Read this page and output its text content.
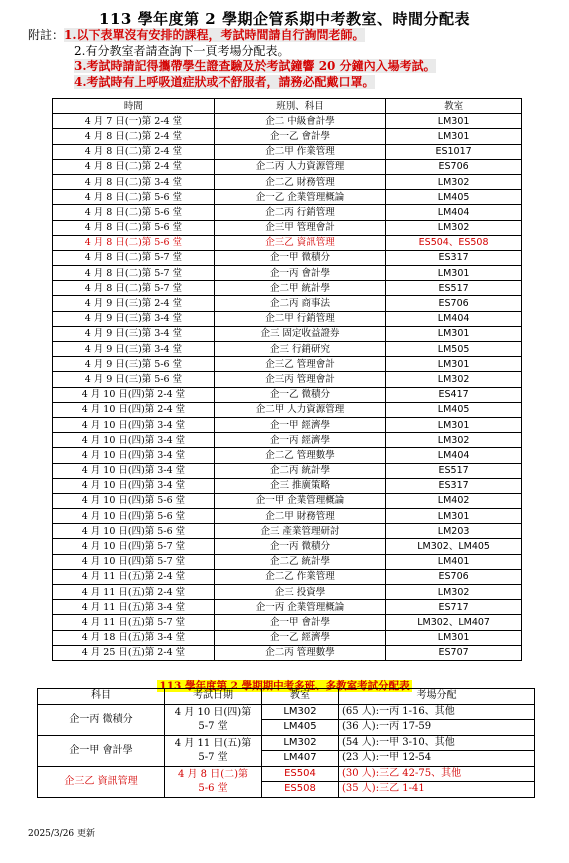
113 學年度第 2 學期企管系期中考教室、時間分配表
附註：1.以下表單沒有安排的課程，考試時間請自行詢問老師。
2.有分教室者請查詢下一頁考場分配表。
3.考試時請記得攜帶學生證查驗及於考試鐘響 20 分鐘內入場考試。
4.考試時有上呼吸道症狀或不舒服者，請務必配戴口罩。
時間	班別、科目	教室
4 月 7 日(一)第 2-4 堂	企二 中級會計學	LM301
4 月 8 日(二)第 2-4 堂	企一乙 會計學	LM301
4 月 8 日(二)第 2-4 堂	企二甲 作業管理	ES1017
4 月 8 日(二)第 2-4 堂	企二丙 人力資源管理	ES706
4 月 8 日(二)第 3-4 堂	企二乙 財務管理	LM302
4 月 8 日(二)第 5-6 堂	企一乙 企業管理概論	LM405
4 月 8 日(二)第 5-6 堂	企二丙 行銷管理	LM404
4 月 8 日(二)第 5-6 堂	企三甲 管理會計	LM302
4 月 8 日(二)第 5-6 堂	企三乙 資訊管理	ES504、ES508
4 月 8 日(二)第 5-7 堂	企一甲 微積分	ES317
4 月 8 日(二)第 5-7 堂	企一丙 會計學	LM301
4 月 8 日(二)第 5-7 堂	企二甲 統計學	ES517
4 月 9 日(三)第 2-4 堂	企二丙 商事法	ES706
4 月 9 日(三)第 3-4 堂	企二甲 行銷管理	LM404
4 月 9 日(三)第 3-4 堂	企三 固定收益證券	LM301
4 月 9 日(三)第 3-4 堂	企三 行銷研究	LM505
4 月 9 日(三)第 5-6 堂	企三乙 管理會計	LM301
4 月 9 日(三)第 5-6 堂	企三丙 管理會計	LM302
4 月 10 日(四)第 2-4 堂	企一乙 微積分	ES417
4 月 10 日(四)第 2-4 堂	企二甲 人力資源管理	LM405
4 月 10 日(四)第 3-4 堂	企一甲 經濟學	LM301
4 月 10 日(四)第 3-4 堂	企一丙 經濟學	LM302
4 月 10 日(四)第 3-4 堂	企二乙 管理數學	LM404
4 月 10 日(四)第 3-4 堂	企二丙 統計學	ES517
4 月 10 日(四)第 3-4 堂	企三 推廣策略	ES317
4 月 10 日(四)第 5-6 堂	企一甲 企業管理概論	LM402
4 月 10 日(四)第 5-6 堂	企二甲 財務管理	LM301
4 月 10 日(四)第 5-6 堂	企三 產業管理研討	LM203
4 月 10 日(四)第 5-7 堂	企一丙 微積分	LM302、LM405
4 月 10 日(四)第 5-7 堂	企二乙 統計學	LM401
4 月 11 日(五)第 2-4 堂	企二乙 作業管理	ES706
4 月 11 日(五)第 2-4 堂	企三 投資學	LM302
4 月 11 日(五)第 3-4 堂	企一丙 企業管理概論	ES717
4 月 11 日(五)第 5-7 堂	企一甲 會計學	LM302、LM407
4 月 18 日(五)第 3-4 堂	企一乙 經濟學	LM301
4 月 25 日(五)第 2-4 堂	企二丙 管理數學	ES707
113 學年度第 2 學期期中考多班、多教室考試分配表
科目	考試日期	教室	考場分配
企一丙 微積分	4 月 10 日(四)第
5-7 堂	LM302	(65 人):一丙 1-16、其他
		LM405	(36 人):一丙 17-59
企一甲 會計學	4 月 11 日(五)第
5-7 堂	LM302	(54 人):一甲 3-10、其他
		LM407	(23 人):一甲 12-54
企三乙 資訊管理	4 月 8 日(二)第
5-6 堂	ES504	(30 人):三乙 42-75、其他
		ES508	(35 人):三乙 1-41
2025/3/26 更新
